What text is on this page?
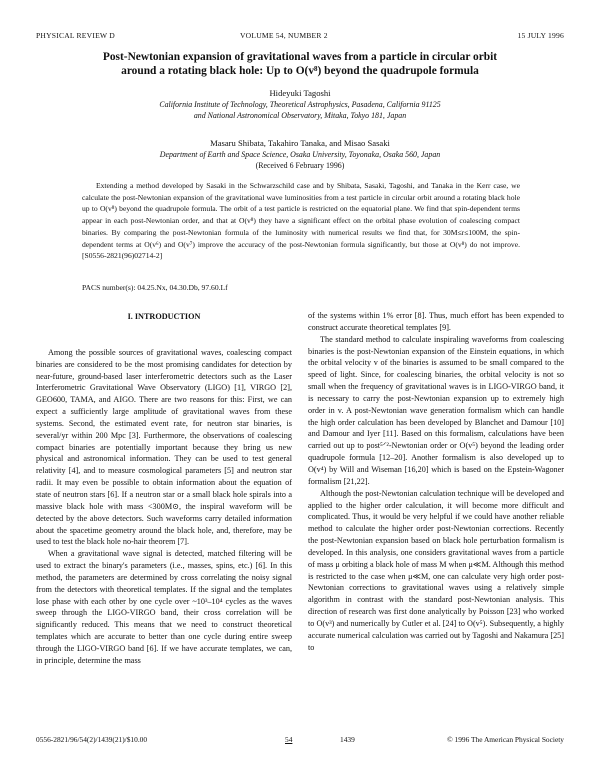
PHYSICAL REVIEW D	VOLUME 54, NUMBER 2	15 JULY 1996
Post-Newtonian expansion of gravitational waves from a particle in circular orbit
around a rotating black hole: Up to O(v⁸) beyond the quadrupole formula
Hideyuki Tagoshi
California Institute of Technology, Theoretical Astrophysics, Pasadena, California 91125
and National Astronomical Observatory, Mitaka, Tokyo 181, Japan
Masaru Shibata, Takahiro Tanaka, and Misao Sasaki
Department of Earth and Space Science, Osaka University, Toyonaka, Osaka 560, Japan
(Received 6 February 1996)

Extending a method developed by Sasaki in the Schwarzschild case and by Shibata, Sasaki, Tagoshi, and Tanaka in the Kerr case, we calculate the post-Newtonian expansion of the gravitational wave luminosities from a test particle in circular orbit around a rotating black hole up to O(v⁸) beyond the quadrupole formula. The orbit of a test particle is restricted on the equatorial plane. We find that spin-dependent terms appear in each post-Newtonian order, and that at O(v⁸) they have a significant effect on the orbital phase evolution of coalescing compact binaries. By comparing the post-Newtonian formula of the luminosity with numerical results we find that, for 30M≤r≤100M, the spin-dependent terms at O(v⁶) and O(v⁷) improve the accuracy of the post-Newtonian formula significantly, but those at O(v⁸) do not improve. [S0556-2821(96)02714-2]

PACS number(s): 04.25.Nx, 04.30.Db, 97.60.Lf
I. INTRODUCTION

Among the possible sources of gravitational waves, coalescing compact binaries are considered to be the most promising candidates for detection by near-future, ground-based laser interferometric detectors such as the Laser Interferometric Gravitational Wave Observatory (LIGO) [1], VIRGO [2], GEO600, TAMA, and AIGO. There are two reasons for this: First, we can expect a sufficiently large amplitude of gravitational waves from these systems. Second, the estimated event rate, for neutron star binaries, is several/yr within 200 Mpc [3]. Furthermore, the observations of coalescing compact binaries are potentially important because they bring us new physical and astronomical information. They can be used to test general relativity [4], and to measure cosmological parameters [5] and neutron star radii. It may even be possible to obtain information about the equation of state of neutron stars [6]. If a neutron star or a small black hole spirals into a massive black hole with mass <300M⊙, the inspiral waveform will be detected by the above detectors. Such waveforms carry detailed information about the spacetime geometry around the black hole, and, therefore, may be used to test the black hole no-hair theorem [7].

When a gravitational wave signal is detected, matched filtering will be used to extract the binary's parameters (i.e., masses, spins, etc.) [6]. In this method, the parameters are determined by cross correlating the noisy signal from the detectors with theoretical templates. If the signal and the templates lose phase with each other by one cycle over ~10³–10⁴ cycles as the waves sweep through the LIGO-VIRGO band, their cross correlation will be significantly reduced. This means that we need to construct theoretical templates which are accurate to better than one cycle during entire sweep through the LIGO-VIRGO band [6]. If we have accurate templates, we can, in principle, determine the mass

of the systems within 1% error [8]. Thus, much effort has been expended to construct accurate theoretical templates [9].

The standard method to calculate inspiraling waveforms from coalescing binaries is the post-Newtonian expansion of the Einstein equations, in which the orbital velocity v of the binaries is assumed to be small compared to the speed of light. Since, for coalescing binaries, the orbital velocity is not so small when the frequency of gravitational waves is in LIGO-VIRGO band, it is necessary to carry the post-Newtonian expansion up to extremely high order in v. A post-Newtonian wave generation formalism which can handle the high order calculation has been developed by Blanchet and Damour [10] and Damour and Iyer [11]. Based on this formalism, calculations have been carried out up to post⁵ᐟ²-Newtonian order or O(v⁵) beyond the leading order quadrupole formula [12–20]. Another formalism is also developed up to O(v⁴) by Will and Wiseman [16,20] which is based on the Epstein-Wagoner formalism [21,22].

Although the post-Newtonian calculation technique will be developed and applied to the higher order calculation, it will become more difficult and complicated. Thus, it would be very helpful if we could have another reliable method to calculate the higher order post-Newtonian corrections. Recently the post-Newtonian expansion based on black hole perturbation formalism is developed. In this analysis, one considers gravitational waves from a particle of mass μ orbiting a black hole of mass M when μ≪M. Although this method is restricted to the case when μ≪M, one can calculate very high order post-Newtonian corrections to gravitational waves using a relatively simple algorithm in contrast with the standard post-Newtonian analysis. This direction of research was first done analytically by Poisson [23] who worked to O(v³) and numerically by Cutler et al. [24] to O(v⁵). Subsequently, a highly accurate numerical calculation was carried out by Tagoshi and Nakamura [25] to

0556-2821/96/54(2)/1439(21)/$10.00	54	1439	© 1996 The American Physical Society
